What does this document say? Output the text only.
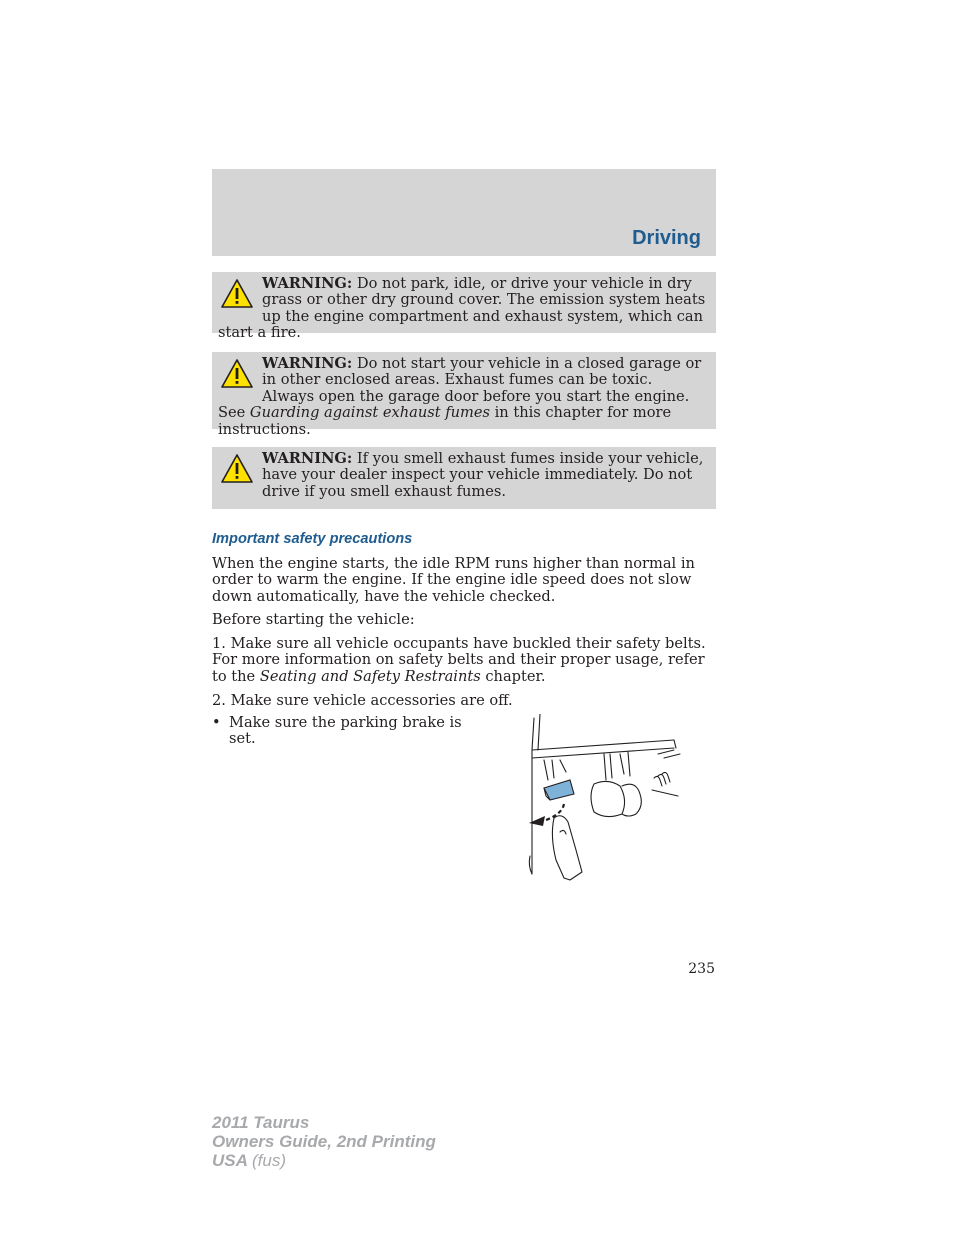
Driving
WARNING: Do not park, idle, or drive your vehicle in dry grass or other dry ground cover. The emission system heats up the engine compartment and exhaust system, which can start a fire.
WARNING: Do not start your vehicle in a closed garage or in other enclosed areas. Exhaust fumes can be toxic. Always open the garage door before you start the engine. See Guarding against exhaust fumes in this chapter for more instructions.
WARNING: If you smell exhaust fumes inside your vehicle, have your dealer inspect your vehicle immediately. Do not drive if you smell exhaust fumes.
Important safety precautions

When the engine starts, the idle RPM runs higher than normal in order to warm the engine. If the engine idle speed does not slow down automatically, have the vehicle checked.

Before starting the vehicle:

1. Make sure all vehicle occupants have buckled their safety belts. For more information on safety belts and their proper usage, refer to the Seating and Safety Restraints chapter.

2. Make sure vehicle accessories are off.

• Make sure the parking brake is set.
235
2011 Taurus
Owners Guide, 2nd Printing
USA (fus)
